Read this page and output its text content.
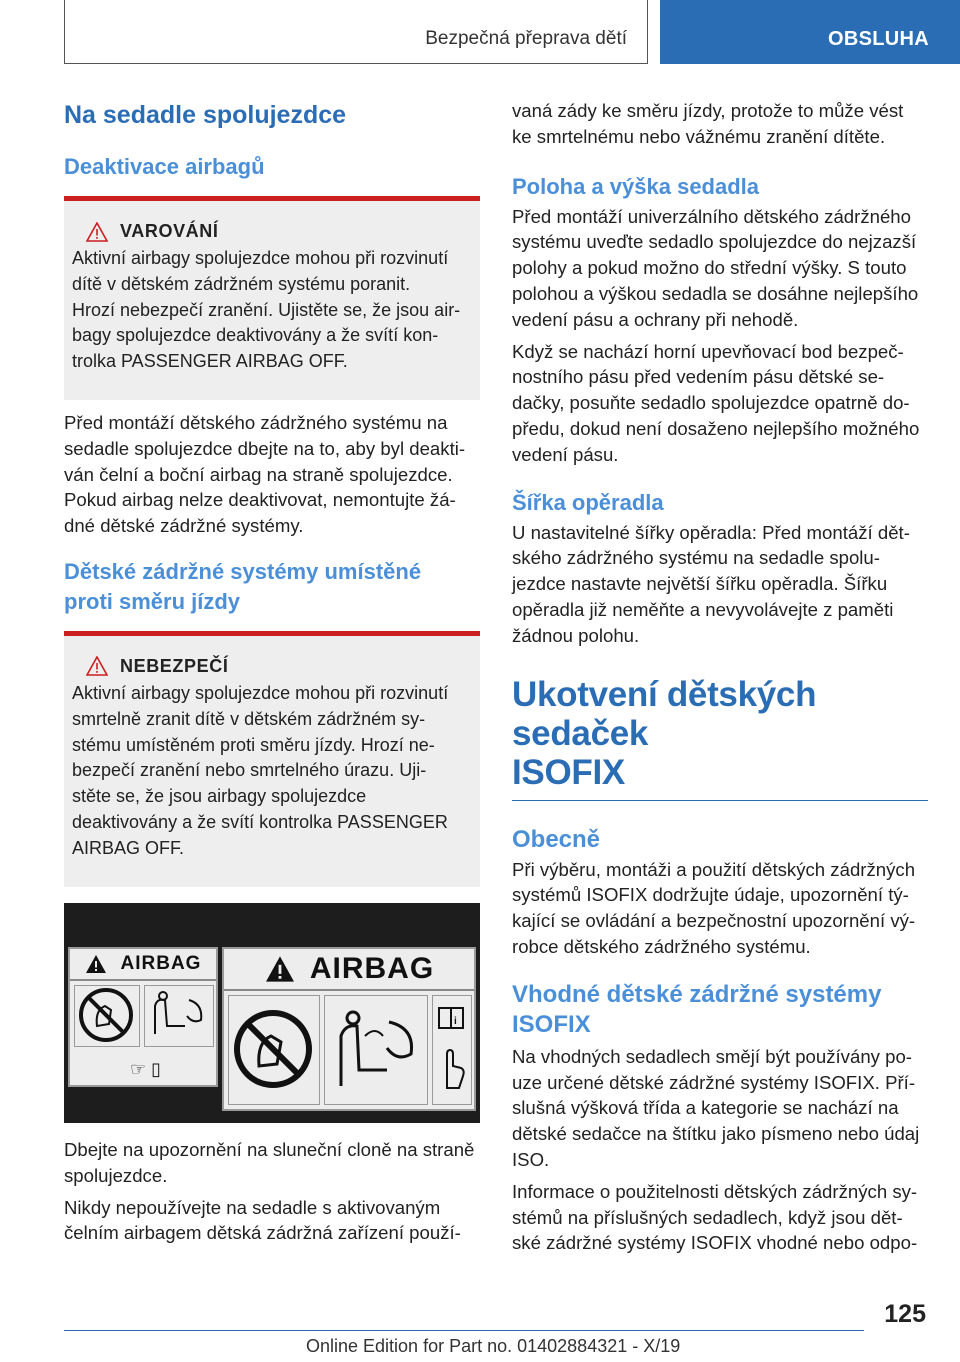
Bezpečná přeprava dětí	OBSLUHA
Na sedadle spolujezdce
Deaktivace airbagů
VAROVÁNÍ

Aktivní airbagy spolujezdce mohou při rozvinutí

dítě v dětském zádržném systému poranit.

Hrozí nebezpečí zranění. Ujistěte se, že jsou air‐

bagy spolujezdce deaktivovány a že svítí kon‐

trolka PASSENGER AIRBAG OFF.

Před montáží dětského zádržného systému na

sedadle spolujezdce dbejte na to, aby byl deakti‐

ván čelní a boční airbag na straně spolujezdce.

Pokud airbag nelze deaktivovat, nemontujte žá‐

dné dětské zádržné systémy.

Dětské zádržné systémy umístěné
proti směru jízdy
NEBEZPEČÍ

Aktivní airbagy spolujezdce mohou při rozvinutí

smrtelně zranit dítě v dětském zádržném sy‐

stému umístěném proti směru jízdy. Hrozí ne‐

bezpečí zranění nebo smrtelného úrazu. Uji‐

stěte se, že jsou airbagy spolujezdce

deaktivovány a že svítí kontrolka PASSENGER

AIRBAG OFF.

AIRBAG
☞ ▯
AIRBAG
i

Dbejte na upozornění na sluneční cloně na straně

spolujezdce.

Nikdy nepoužívejte na sedadle s aktivovaným

čelním airbagem dětská zádržná zařízení použí‐

vaná zády ke směru jízdy, protože to může vést

ke smrtelnému nebo vážnému zranění dítěte.

Poloha a výška sedadla

Před montáží univerzálního dětského zádržného

systému uveďte sedadlo spolujezdce do nejzazší

polohy a pokud možno do střední výšky. S touto

polohou a výškou sedadla se dosáhne nejlepšího

vedení pásu a ochrany při nehodě.

Když se nachází horní upevňovací bod bezpeč‐

nostního pásu před vedením pásu dětské se‐

dačky, posuňte sedadlo spolujezdce opatrně do‐

předu, dokud není dosaženo nejlepšího možného

vedení pásu.

Šířka opěradla

U nastavitelné šířky opěradla: Před montáží dět‐

ského zádržného systému na sedadle spolu‐

jezdce nastavte největší šířku opěradla. Šířku

opěradla již neměňte a nevyvolávejte z paměti

žádnou polohu.

Ukotvení dětských sedaček
ISOFIX
Obecně

Při výběru, montáži a použití dětských zádržných

systémů ISOFIX dodržujte údaje, upozornění tý‐

kající se ovládání a bezpečnostní upozornění vý‐

robce dětského zádržného systému.

Vhodné dětské zádržné systémy
ISOFIX

Na vhodných sedadlech smějí být používány po‐

uze určené dětské zádržné systémy ISOFIX. Pří‐

slušná výšková třída a kategorie se nachází na

dětské sedačce na štítku jako písmeno nebo údaj

ISO.

Informace o použitelnosti dětských zádržných sy‐

stémů na příslušných sedadlech, když jsou dět‐

ské zádržné systémy ISOFIX vhodné nebo odpo‐

125
Online Edition for Part no. 01402884321 - X/19
